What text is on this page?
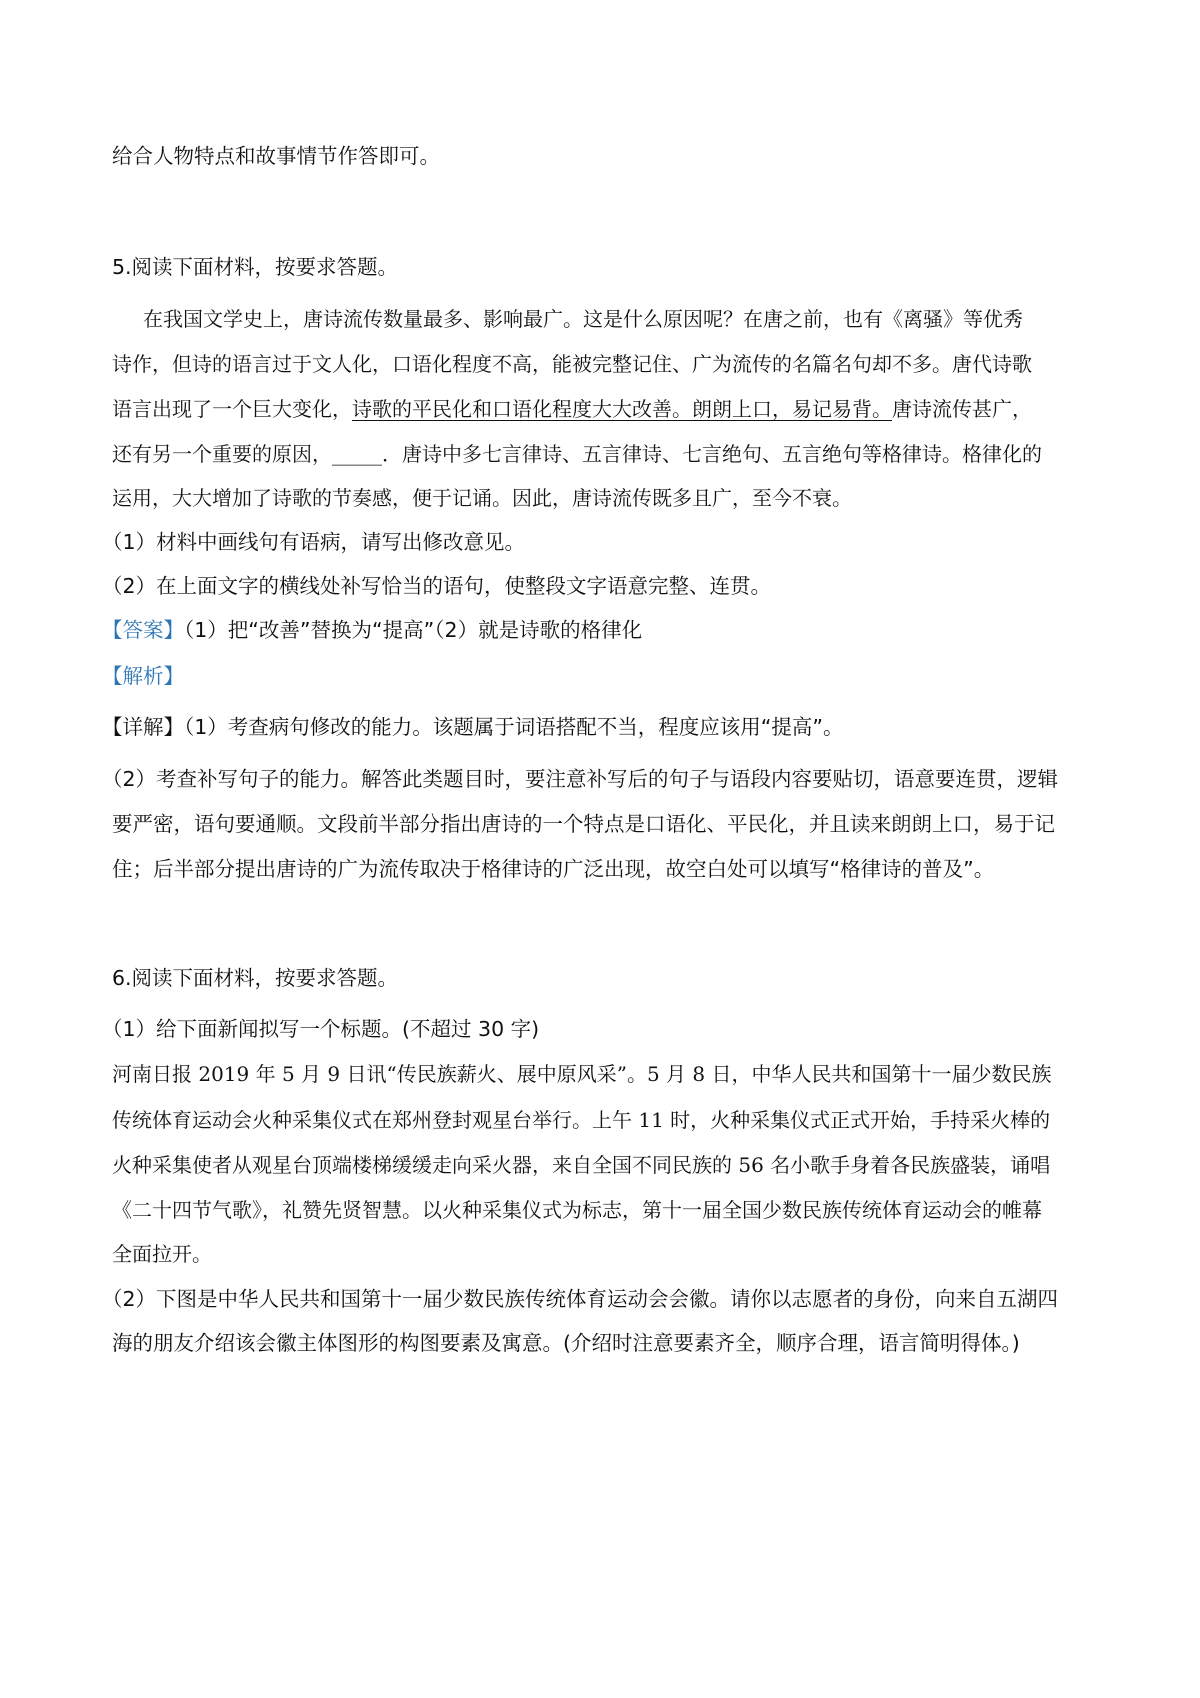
给合人物特点和故事情节作答即可。

5.阅读下面材料，按要求答题。

在我国文学史上，唐诗流传数量最多、影响最广。这是什么原因呢？在唐之前，也有《离骚》等优秀

诗作，但诗的语言过于文人化，口语化程度不高，能被完整记住、广为流传的名篇名句却不多。唐代诗歌

语言出现了一个巨大变化，诗歌的平民化和口语化程度大大改善。朗朗上口，易记易背。唐诗流传甚广，

还有另一个重要的原因，_____．唐诗中多七言律诗、五言律诗、七言绝句、五言绝句等格律诗。格律化的

运用，大大增加了诗歌的节奏感，便于记诵。因此，唐诗流传既多且广，至今不衰。

（1）材料中画线句有语病，请写出修改意见。

（2）在上面文字的横线处补写恰当的语句，使整段文字语意完整、连贯。

【答案】（1）把“改善”替换为“提高”（2）就是诗歌的格律化

【解析】

【详解】（1）考查病句修改的能力。该题属于词语搭配不当，程度应该用“提高”。

（2）考查补写句子的能力。解答此类题目时，要注意补写后的句子与语段内容要贴切，语意要连贯，逻辑

要严密，语句要通顺。文段前半部分指出唐诗的一个特点是口语化、平民化，并且读来朗朗上口，易于记

住；后半部分提出唐诗的广为流传取决于格律诗的广泛出现，故空白处可以填写“格律诗的普及”。

6.阅读下面材料，按要求答题。

（1）给下面新闻拟写一个标题。(不超过 30 字)

河南日报 2019 年 5 月 9 日讯“传民族薪火、展中原风采”。5 月 8 日，中华人民共和国第十一届少数民族

传统体育运动会火种采集仪式在郑州登封观星台举行。上午 11 时，火种采集仪式正式开始，手持采火棒的

火种采集使者从观星台顶端楼梯缓缓走向采火器，来自全国不同民族的 56 名小歌手身着各民族盛装，诵唱

《二十四节气歌》，礼赞先贤智慧。以火种采集仪式为标志，第十一届全国少数民族传统体育运动会的帷幕

全面拉开。

（2）下图是中华人民共和国第十一届少数民族传统体育运动会会徽。请你以志愿者的身份，向来自五湖四

海的朋友介绍该会徽主体图形的构图要素及寓意。(介绍时注意要素齐全，顺序合理，语言简明得体。)
